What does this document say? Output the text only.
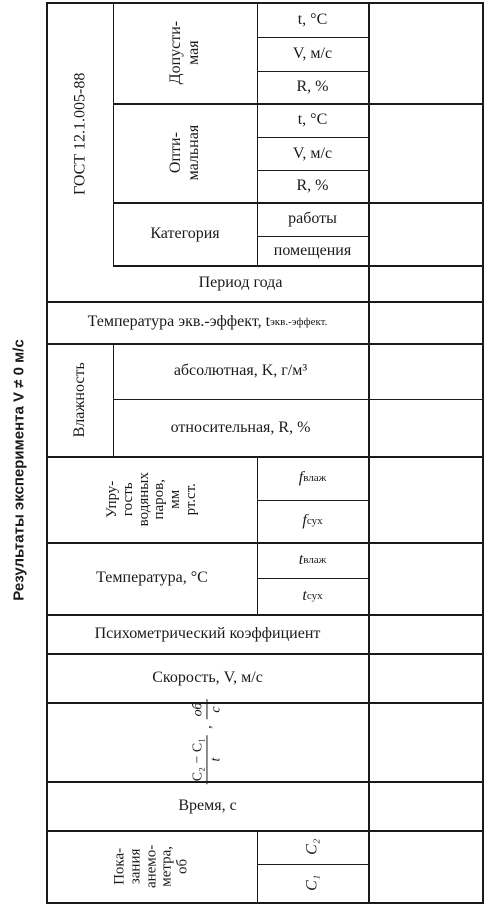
Результаты эксперимента V ≠ 0 м/с
ГОСТ 12.1.005-88
Допусти-
мая
Опти-
мальная
t, °С
V, м/с
R, %
t, °С
V, м/с
R, %
Категория
работы
помещения
Период года
Температура экв.-эффект, t экв.-эффект.
Влажность	абсолютная, K, г/м³
относительная, R, %
Упру-
гость
водяных
паров,
мм
рт.ст.
f влаж
f сух
Температура, °С
t влаж
t сух
Психометрический коэффициент
Скорость, V, м/с
C₂ − C₁ t
,
об с
Время, с
Пока-
зания
анемо-
метра,
об
C₂
C₁
